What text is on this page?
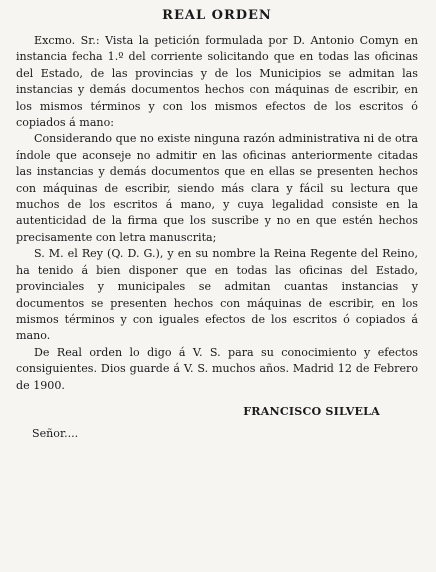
REAL ORDEN

Excmo. Sr.: Vista la petición formulada por D. Antonio Comyn en instancia fecha 1.º del corriente solicitando que en todas las oficinas del Estado, de las provincias y de los Municipios se admitan las instancias y demás documentos hechos con máquinas de escribir, en los mismos términos y con los mismos efectos de los escritos ó copiados á mano:

Considerando que no existe ninguna razón administrativa ni de otra índole que aconseje no admitir en las oficinas anteriormente citadas las instancias y demás documentos que en ellas se presenten hechos con máquinas de escribir, siendo más clara y fácil su lectura que muchos de los escritos á mano, y cuya legalidad consiste en la autenticidad de la firma que los suscribe y no en que estén hechos precisamente con letra manuscrita;

S. M. el Rey (Q. D. G.), y en su nombre la Reina Regente del Reino, ha tenido á bien disponer que en todas las oficinas del Estado, provinciales y municipales se admitan cuantas instancias y documentos se presenten hechos con máquinas de escribir, en los mismos términos y con iguales efectos de los escritos ó copiados á mano.

De Real orden lo digo á V. S. para su conocimiento y efectos consiguientes. Dios guarde á V. S. muchos años. Madrid 12 de Febrero de 1900.

FRANCISCO SILVELA
Señor....
